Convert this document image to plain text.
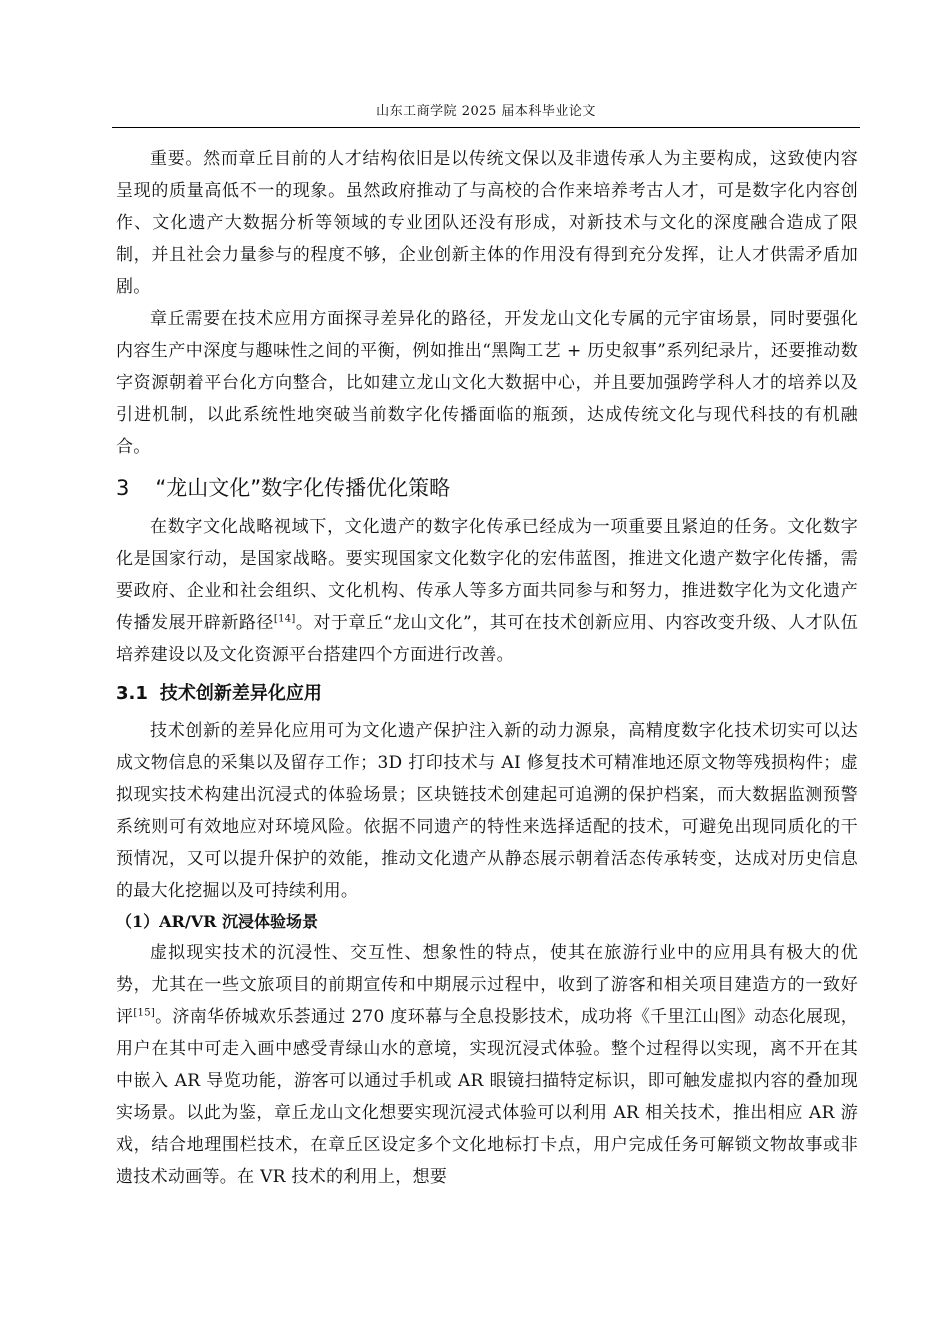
山东工商学院 2025 届本科毕业论文

重要。然而章丘目前的人才结构依旧是以传统文保以及非遗传承人为主要构成，这致使内容呈现的质量高低不一的现象。虽然政府推动了与高校的合作来培养考古人才，可是数字化内容创作、文化遗产大数据分析等领域的专业团队还没有形成，对新技术与文化的深度融合造成了限制，并且社会力量参与的程度不够，企业创新主体的作用没有得到充分发挥，让人才供需矛盾加剧。

章丘需要在技术应用方面探寻差异化的路径，开发龙山文化专属的元宇宙场景，同时要强化内容生产中深度与趣味性之间的平衡，例如推出“黑陶工艺 + 历史叙事”系列纪录片，还要推动数字资源朝着平台化方向整合，比如建立龙山文化大数据中心，并且要加强跨学科人才的培养以及引进机制，以此系统性地突破当前数字化传播面临的瓶颈，达成传统文化与现代科技的有机融合。

3 “龙山文化”数字化传播优化策略

在数字文化战略视域下，文化遗产的数字化传承已经成为一项重要且紧迫的任务。文化数字化是国家行动，是国家战略。要实现国家文化数字化的宏伟蓝图，推进文化遗产数字化传播，需要政府、企业和社会组织、文化机构、传承人等多方面共同参与和努力，推进数字化为文化遗产传播发展开辟新路径[14]。对于章丘“龙山文化”，其可在技术创新应用、内容改变升级、人才队伍培养建设以及文化资源平台搭建四个方面进行改善。

3.1 技术创新差异化应用

技术创新的差异化应用可为文化遗产保护注入新的动力源泉，高精度数字化技术切实可以达成文物信息的采集以及留存工作；3D 打印技术与 AI 修复技术可精准地还原文物等残损构件；虚拟现实技术构建出沉浸式的体验场景；区块链技术创建起可追溯的保护档案，而大数据监测预警系统则可有效地应对环境风险。依据不同遗产的特性来选择适配的技术，可避免出现同质化的干预情况，又可以提升保护的效能，推动文化遗产从静态展示朝着活态传承转变，达成对历史信息的最大化挖掘以及可持续利用。

（1）AR/VR 沉浸体验场景

虚拟现实技术的沉浸性、交互性、想象性的特点，使其在旅游行业中的应用具有极大的优势，尤其在一些文旅项目的前期宣传和中期展示过程中，收到了游客和相关项目建造方的一致好评[15]。济南华侨城欢乐荟通过 270 度环幕与全息投影技术，成功将《千里江山图》动态化展现，用户在其中可走入画中感受青绿山水的意境，实现沉浸式体验。整个过程得以实现，离不开在其中嵌入 AR 导览功能，游客可以通过手机或 AR 眼镜扫描特定标识，即可触发虚拟内容的叠加现实场景。以此为鉴，章丘龙山文化想要实现沉浸式体验可以利用 AR 相关技术，推出相应 AR 游戏，结合地理围栏技术，在章丘区设定多个文化地标打卡点，用户完成任务可解锁文物故事或非遗技术动画等。在 VR 技术的利用上，想要
